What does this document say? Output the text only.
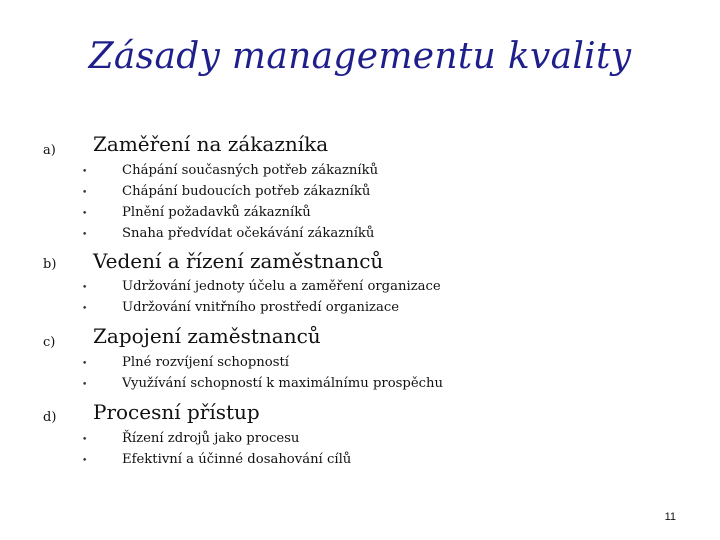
Zásady managementu kvality
a) Zaměření na zákazníka
•	Chápání současných potřeb zákazníků
•	Chápání budoucích potřeb zákazníků
•	Plnění požadavků zákazníků
•	Snaha předvídat očekávání zákazníků
b) Vedení a řízení zaměstnanců
•	Udržování jednoty účelu a zaměření organizace
•	Udržování vnitřního prostředí organizace
c) Zapojení zaměstnanců
•	Plné rozvíjení schopností
•	Využívání schopností k maximálnímu prospěchu
d) Procesní přístup
•	Řízení zdrojů jako procesu
•	Efektivní a účinné dosahování cílů
11
